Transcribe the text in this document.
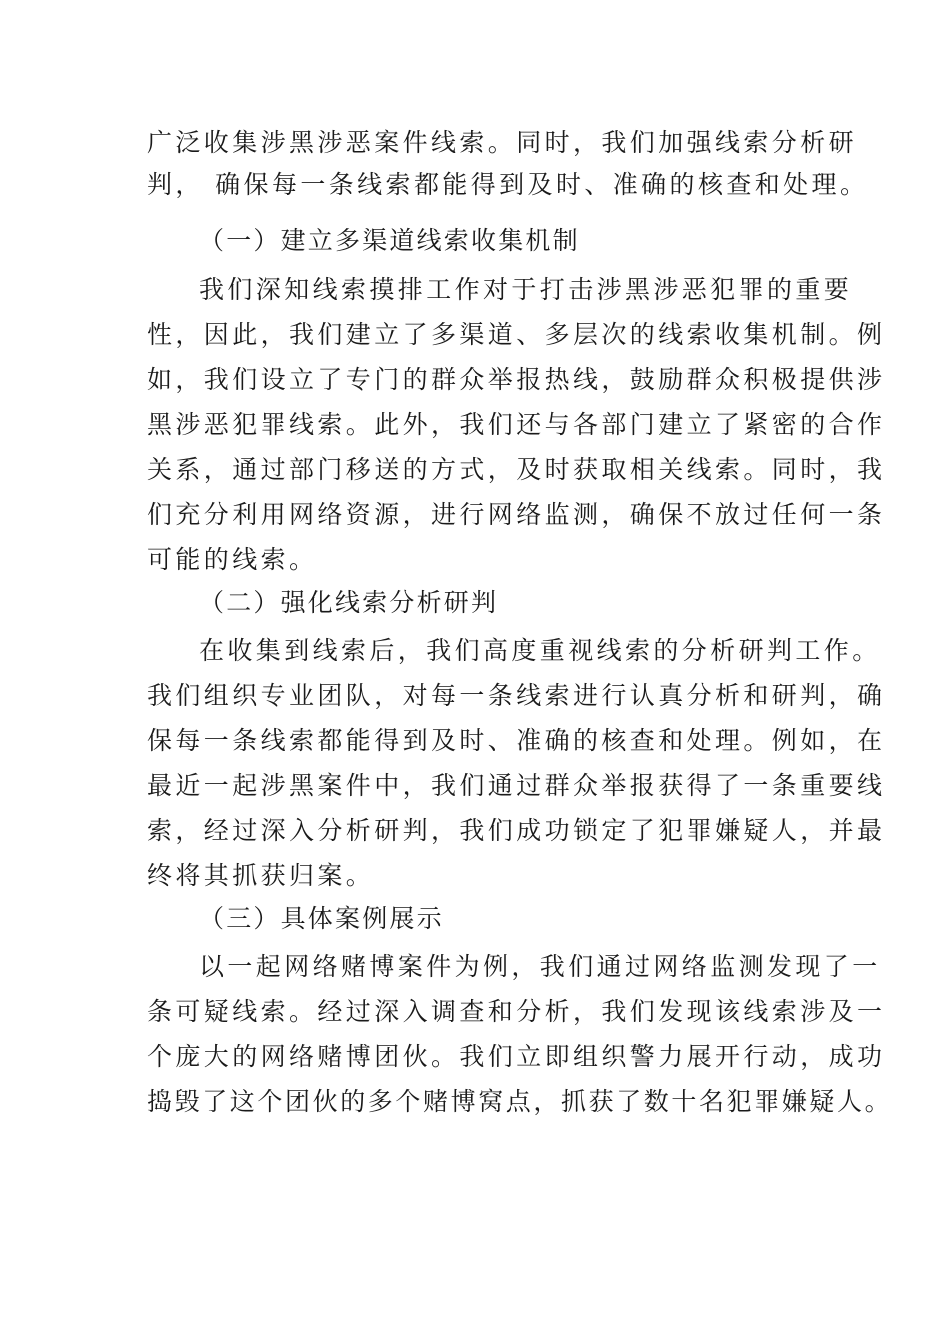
广泛收集涉黑涉恶案件线索。同时，我们加强线索分析研
判， 确保每一条线索都能得到及时、准确的核查和处理。
（一）建立多渠道线索收集机制
我们深知线索摸排工作对于打击涉黑涉恶犯罪的重要
性，因此，我们建立了多渠道、多层次的线索收集机制。例
如，我们设立了专门的群众举报热线，鼓励群众积极提供涉
黑涉恶犯罪线索。此外，我们还与各部门建立了紧密的合作
关系，通过部门移送的方式，及时获取相关线索。同时，我
们充分利用网络资源，进行网络监测，确保不放过任何一条
可能的线索。
（二）强化线索分析研判
在收集到线索后，我们高度重视线索的分析研判工作。
我们组织专业团队，对每一条线索进行认真分析和研判，确
保每一条线索都能得到及时、准确的核查和处理。例如，在
最近一起涉黑案件中，我们通过群众举报获得了一条重要线
索，经过深入分析研判，我们成功锁定了犯罪嫌疑人，并最
终将其抓获归案。
（三）具体案例展示
以一起网络赌博案件为例，我们通过网络监测发现了一
条可疑线索。经过深入调查和分析，我们发现该线索涉及一
个庞大的网络赌博团伙。我们立即组织警力展开行动，成功
捣毁了这个团伙的多个赌博窝点，抓获了数十名犯罪嫌疑人。
